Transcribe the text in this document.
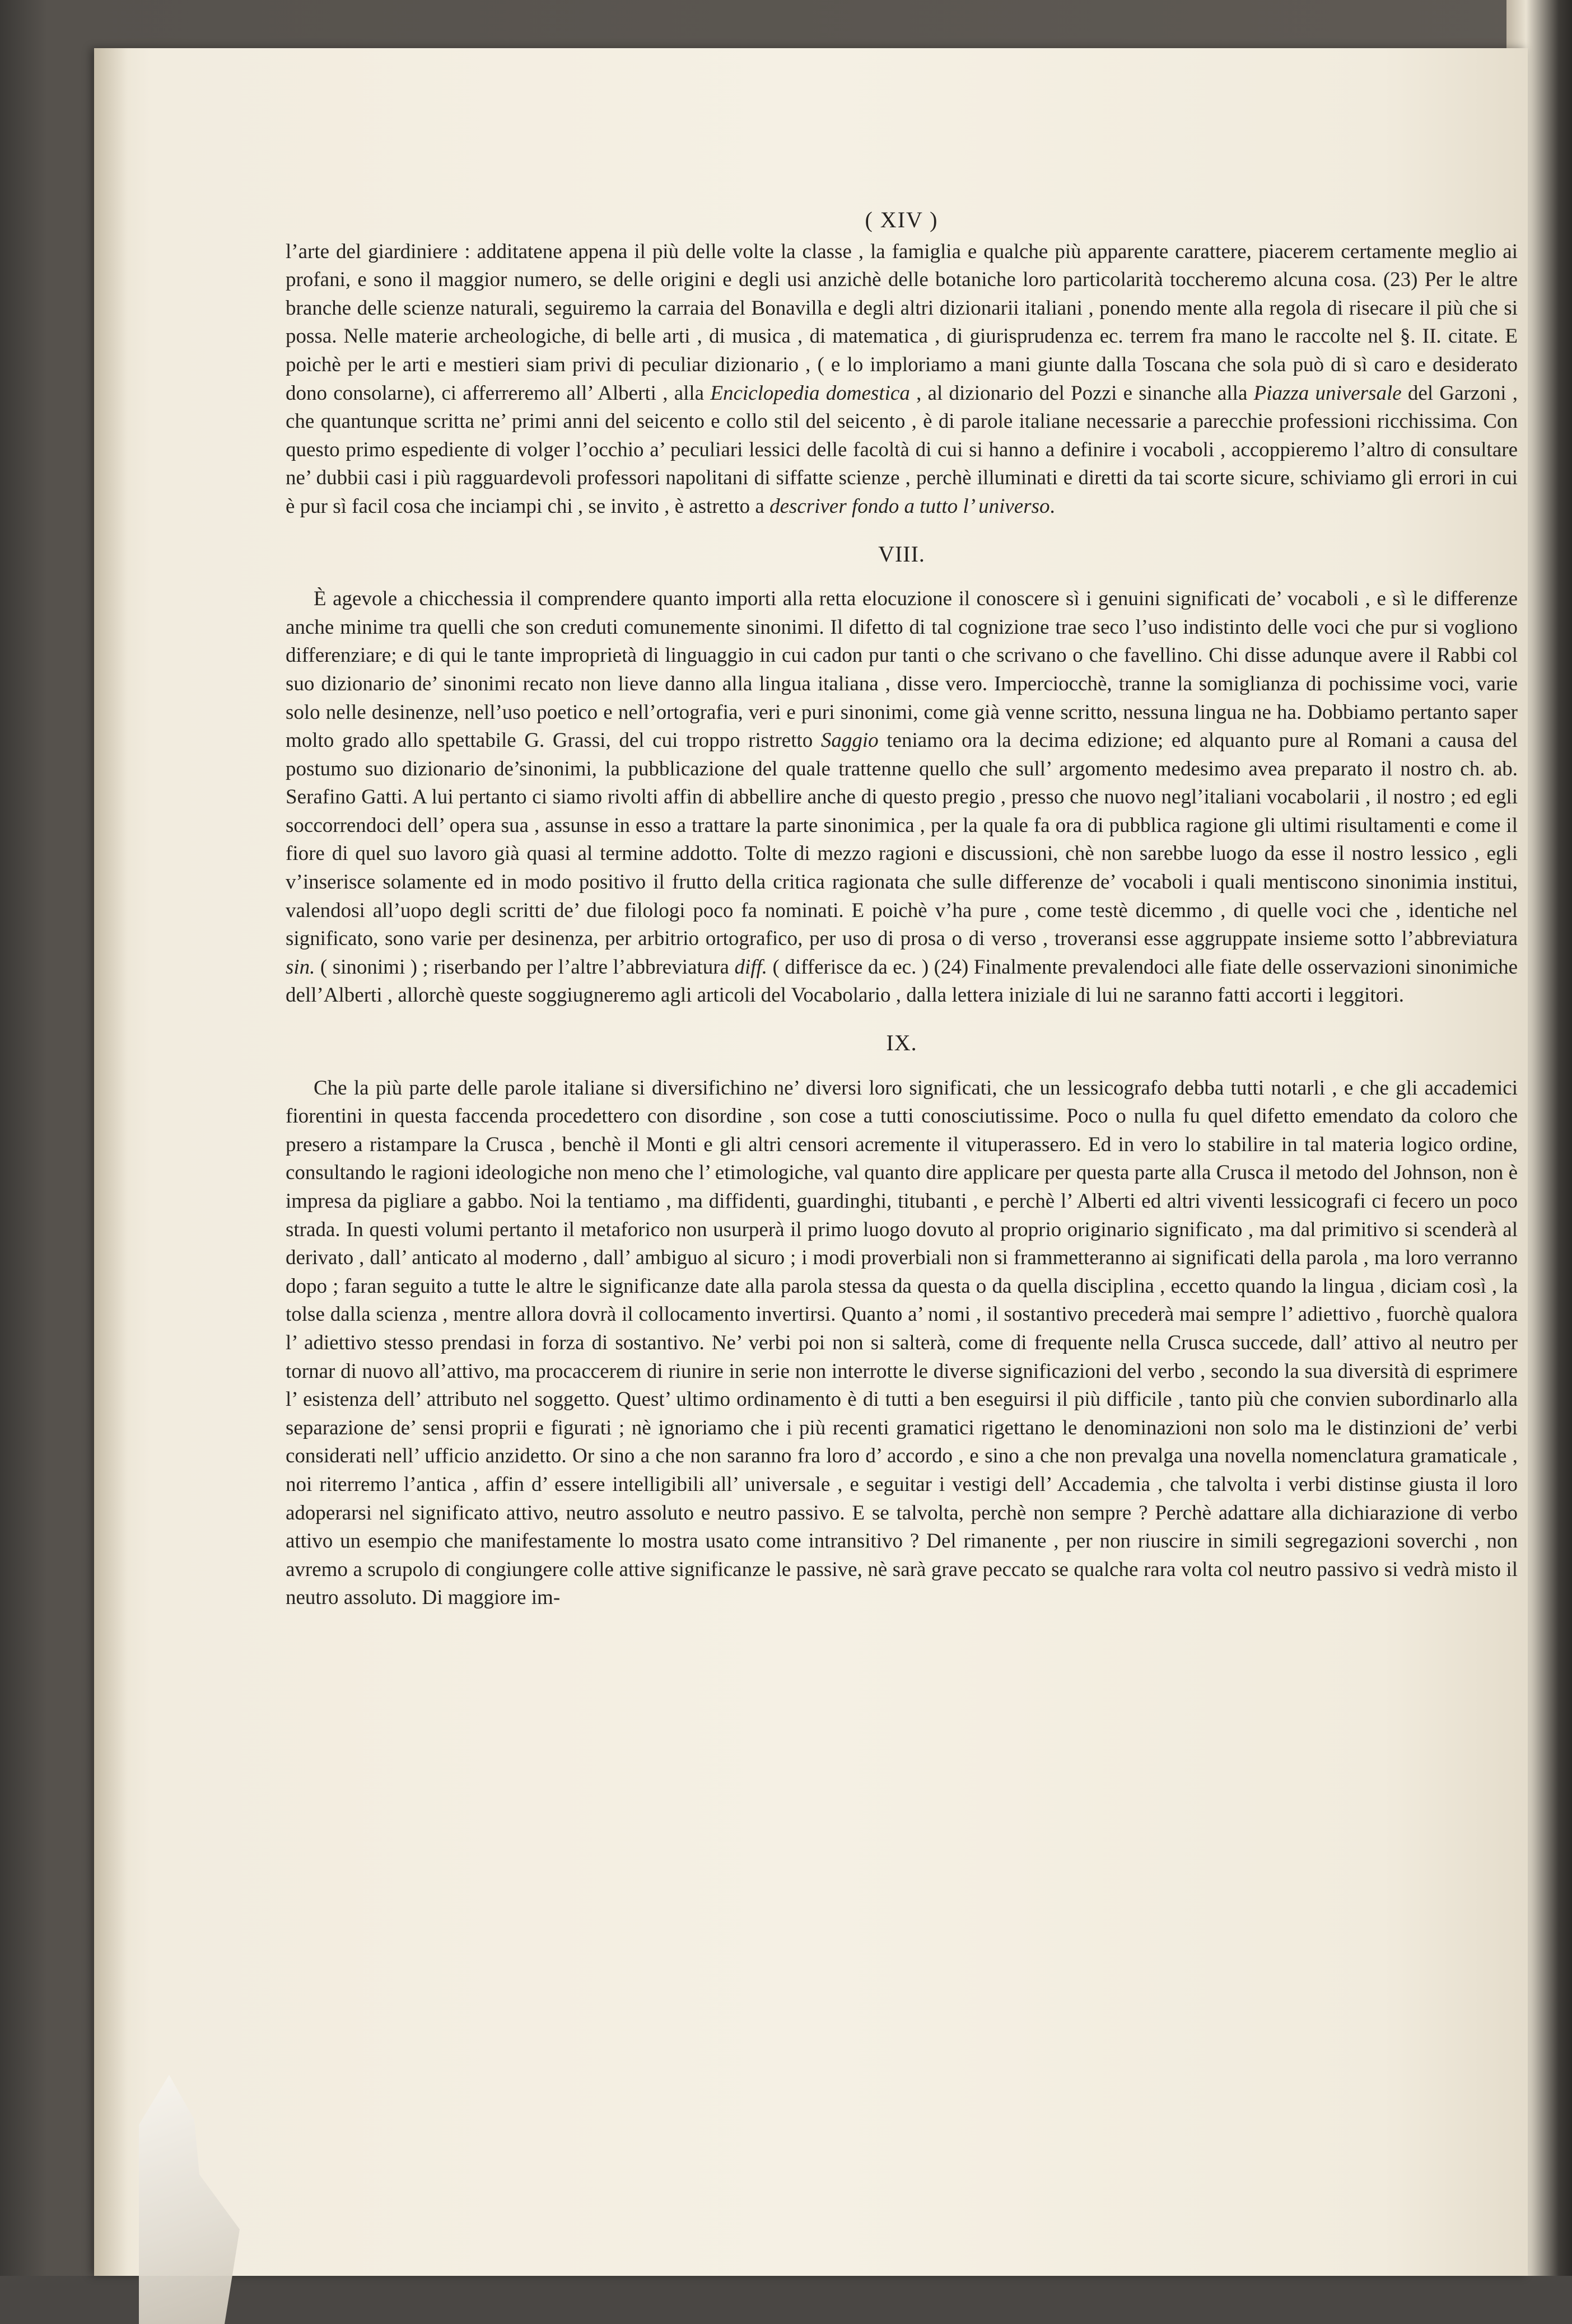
( XIV )

l’arte del giardiniere : additatene appena il più delle volte la classe , la famiglia e qualche più apparente carattere, piacerem certamente meglio ai profani, e sono il maggior numero, se delle origini e degli usi anzichè delle botaniche loro particolarità toccheremo alcuna cosa. (23) Per le altre branche delle scienze naturali, seguiremo la carraia del Bonavilla e degli altri dizionarii italiani , ponendo mente alla regola di risecare il più che si possa. Nelle materie archeologiche, di belle arti , di musica , di matematica , di giurisprudenza ec. terrem fra mano le raccolte nel §. II. citate. E poichè per le arti e mestieri siam privi di peculiar dizionario , ( e lo imploriamo a mani giunte dalla Toscana che sola può di sì caro e desiderato dono consolarne), ci afferreremo all’ Alberti , alla Enciclopedia domestica , al dizionario del Pozzi e sinanche alla Piazza universale del Garzoni , che quantunque scritta ne’ primi anni del seicento e collo stil del seicento , è di parole italiane necessarie a parecchie professioni ricchissima. Con questo primo espediente di volger l’occhio a’ peculiari lessici delle facoltà di cui si hanno a definire i vocaboli , accoppieremo l’altro di consultare ne’ dubbii casi i più ragguardevoli professori napolitani di siffatte scienze , perchè illuminati e diretti da tai scorte sicure, schiviamo gli errori in cui è pur sì facil cosa che inciampi chi , se invito , è astretto a descriver fondo a tutto l’ universo.

VIII.

È agevole a chicchessia il comprendere quanto importi alla retta elocuzione il conoscere sì i genuini significati de’ vocaboli , e sì le differenze anche minime tra quelli che son creduti comunemente sinonimi. Il difetto di tal cognizione trae seco l’uso indistinto delle voci che pur si vogliono differenziare; e di qui le tante improprietà di linguaggio in cui cadon pur tanti o che scrivano o che favellino. Chi disse adunque avere il Rabbi col suo dizionario de’ sinonimi recato non lieve danno alla lingua italiana , disse vero. Imperciocchè, tranne la somiglianza di pochissime voci, varie solo nelle desinenze, nell’uso poetico e nell’ortografia, veri e puri sinonimi, come già venne scritto, nessuna lingua ne ha. Dobbiamo pertanto saper molto grado allo spettabile G. Grassi, del cui troppo ristretto Saggio teniamo ora la decima edizione; ed alquanto pure al Romani a causa del postumo suo dizionario de’sinonimi, la pubblicazione del quale trattenne quello che sull’ argomento medesimo avea preparato il nostro ch. ab. Serafino Gatti. A lui pertanto ci siamo rivolti affin di abbellire anche di questo pregio , presso che nuovo negl’italiani vocabolarii , il nostro ; ed egli soccorrendoci dell’ opera sua , assunse in esso a trattare la parte sinonimica , per la quale fa ora di pubblica ragione gli ultimi risultamenti e come il fiore di quel suo lavoro già quasi al termine addotto. Tolte di mezzo ragioni e discussioni, chè non sarebbe luogo da esse il nostro lessico , egli v’inserisce solamente ed in modo positivo il frutto della critica ragionata che sulle differenze de’ vocaboli i quali mentiscono sinonimia institui, valendosi all’uopo degli scritti de’ due filologi poco fa nominati. E poichè v’ha pure , come testè dicemmo , di quelle voci che , identiche nel significato, sono varie per desinenza, per arbitrio ortografico, per uso di prosa o di verso , troveransi esse aggruppate insieme sotto l’abbreviatura sin. ( sinonimi ) ; riserbando per l’altre l’abbreviatura diff. ( differisce da ec. ) (24) Finalmente prevalendoci alle fiate delle osservazioni sinonimiche dell’Alberti , allorchè queste soggiugneremo agli articoli del Vocabolario , dalla lettera iniziale di lui ne saranno fatti accorti i leggitori.

IX.

Che la più parte delle parole italiane si diversifichino ne’ diversi loro significati, che un lessicografo debba tutti notarli , e che gli accademici fiorentini in questa faccenda procedettero con disordine , son cose a tutti conosciutissime. Poco o nulla fu quel difetto emendato da coloro che presero a ristampare la Crusca , benchè il Monti e gli altri censori acremente il vituperassero. Ed in vero lo stabilire in tal materia logico ordine, consultando le ragioni ideologiche non meno che l’ etimologiche, val quanto dire applicare per questa parte alla Crusca il metodo del Johnson, non è impresa da pigliare a gabbo. Noi la tentiamo , ma diffidenti, guardinghi, titubanti , e perchè l’ Alberti ed altri viventi lessicografi ci fecero un poco strada. In questi volumi pertanto il metaforico non usurperà il primo luogo dovuto al proprio originario significato , ma dal primitivo si scenderà al derivato , dall’ anticato al moderno , dall’ ambiguo al sicuro ; i modi proverbiali non si frammetteranno ai significati della parola , ma loro verranno dopo ; faran seguito a tutte le altre le significanze date alla parola stessa da questa o da quella disciplina , eccetto quando la lingua , diciam così , la tolse dalla scienza , mentre allora dovrà il collocamento invertirsi. Quanto a’ nomi , il sostantivo precederà mai sempre l’ adiettivo , fuorchè qualora l’ adiettivo stesso prendasi in forza di sostantivo. Ne’ verbi poi non si salterà, come di frequente nella Crusca succede, dall’ attivo al neutro per tornar di nuovo all’attivo, ma procaccerem di riunire in serie non interrotte le diverse significazioni del verbo , secondo la sua diversità di esprimere l’ esistenza dell’ attributo nel soggetto. Quest’ ultimo ordinamento è di tutti a ben eseguirsi il più difficile , tanto più che convien subordinarlo alla separazione de’ sensi proprii e figurati ; nè ignoriamo che i più recenti gramatici rigettano le denominazioni non solo ma le distinzioni de’ verbi considerati nell’ ufficio anzidetto. Or sino a che non saranno fra loro d’ accordo , e sino a che non prevalga una novella nomenclatura gramaticale , noi riterremo l’antica , affin d’ essere intelligibili all’ universale , e seguitar i vestigi dell’ Accademia , che talvolta i verbi distinse giusta il loro adoperarsi nel significato attivo, neutro assoluto e neutro passivo. E se talvolta, perchè non sempre ? Perchè adattare alla dichiarazione di verbo attivo un esempio che manifestamente lo mostra usato come intransitivo ? Del rimanente , per non riuscire in simili segregazioni soverchi , non avremo a scrupolo di congiungere colle attive significanze le passive, nè sarà grave peccato se qualche rara volta col neutro passivo si vedrà misto il neutro assoluto. Di maggiore im-
